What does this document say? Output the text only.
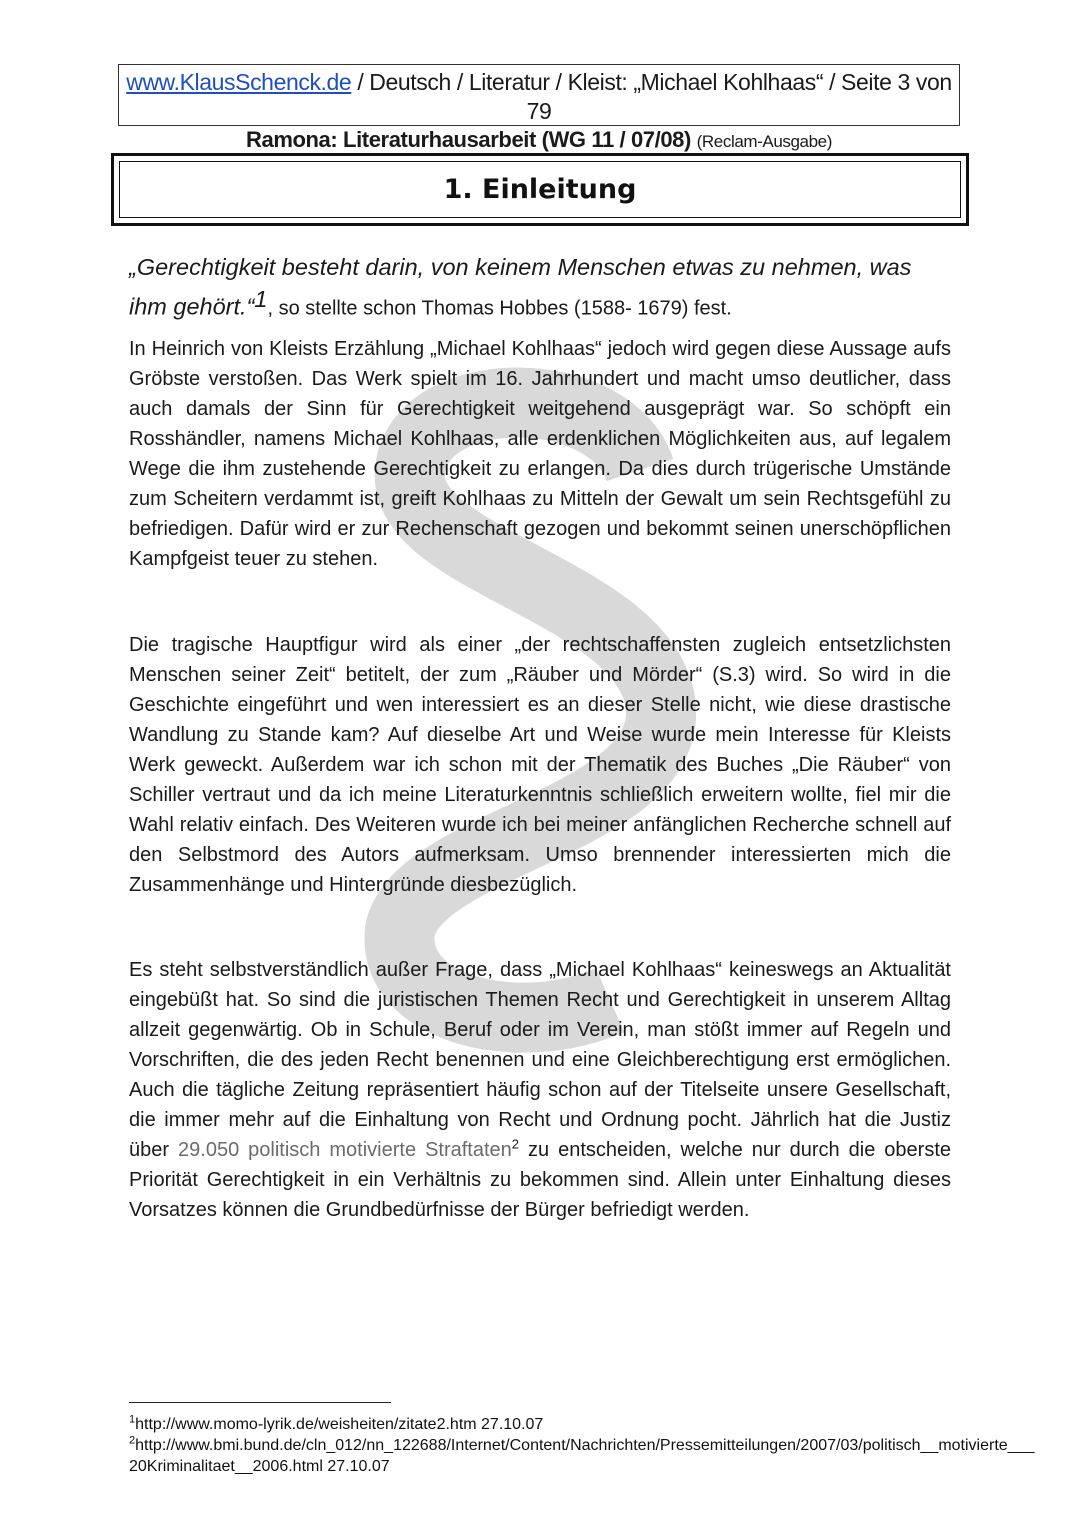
www.KlausSchenck.de / Deutsch / Literatur / Kleist: „Michael Kohlhaas“ / Seite 3 von 79
Ramona: Literaturhausarbeit (WG 11 / 07/08) (Reclam-Ausgabe)
1. Einleitung
„Gerechtigkeit besteht darin, von keinem Menschen etwas zu nehmen, was ihm gehört.“$^1$, so stellte schon Thomas Hobbes (1588- 1679) fest.
In Heinrich von Kleists Erzählung „Michael Kohlhaas“ jedoch wird gegen diese Aussage aufs Gröbste verstoßen. Das Werk spielt im 16. Jahrhundert und macht umso deutlicher, dass auch damals der Sinn für Gerechtigkeit weitgehend ausgeprägt war. So schöpft ein Rosshändler, namens Michael Kohlhaas, alle erdenklichen Möglichkeiten aus, auf legalem Wege die ihm zustehende Gerechtigkeit zu erlangen. Da dies durch trügerische Umstände zum Scheitern verdammt ist, greift Kohlhaas zu Mitteln der Gewalt um sein Rechtsgefühl zu befriedigen. Dafür wird er zur Rechenschaft gezogen und bekommt seinen unerschöpflichen Kampfgeist teuer zu stehen.
Die tragische Hauptfigur wird als einer „der rechtschaffensten zugleich entsetzlichsten Menschen seiner Zeit“ betitelt, der zum „Räuber und Mörder“ (S.3) wird. So wird in die Geschichte eingeführt und wen interessiert es an dieser Stelle nicht, wie diese drastische Wandlung zu Stande kam? Auf dieselbe Art und Weise wurde mein Interesse für Kleists Werk geweckt. Außerdem war ich schon mit der Thematik des Buches „Die Räuber“ von Schiller vertraut und da ich meine Literaturkenntnis schließlich erweitern wollte, fiel mir die Wahl relativ einfach. Des Weiteren wurde ich bei meiner anfänglichen Recherche schnell auf den Selbstmord des Autors aufmerksam. Umso brennender interessierten mich die Zusammenhänge und Hintergründe diesbezüglich.
Es steht selbstverständlich außer Frage, dass „Michael Kohlhaas“ keineswegs an Aktualität eingebüßt hat. So sind die juristischen Themen Recht und Gerechtigkeit in unserem Alltag allzeit gegenwärtig. Ob in Schule, Beruf oder im Verein, man stößt immer auf Regeln und Vorschriften, die des jeden Recht benennen und eine Gleichberechtigung erst ermöglichen. Auch die tägliche Zeitung repräsentiert häufig schon auf der Titelseite unsere Gesellschaft, die immer mehr auf die Einhaltung von Recht und Ordnung pocht. Jährlich hat die Justiz über 29.050 politisch motivierte Straftaten$^2$ zu entscheiden, welche nur durch die oberste Priorität Gerechtigkeit in ein Verhältnis zu bekommen sind. Allein unter Einhaltung dieses Vorsatzes können die Grundbedürfnisse der Bürger befriedigt werden.
$^1$http://www.momo-lyrik.de/weisheiten/zitate2.htm 27.10.07
$^2$http://www.bmi.bund.de/cln_012/nn_122688/Internet/Content/Nachrichten/Pressemitteilungen/2007/03/politisch__motivierte___ 20Kriminalitaet__2006.html 27.10.07
